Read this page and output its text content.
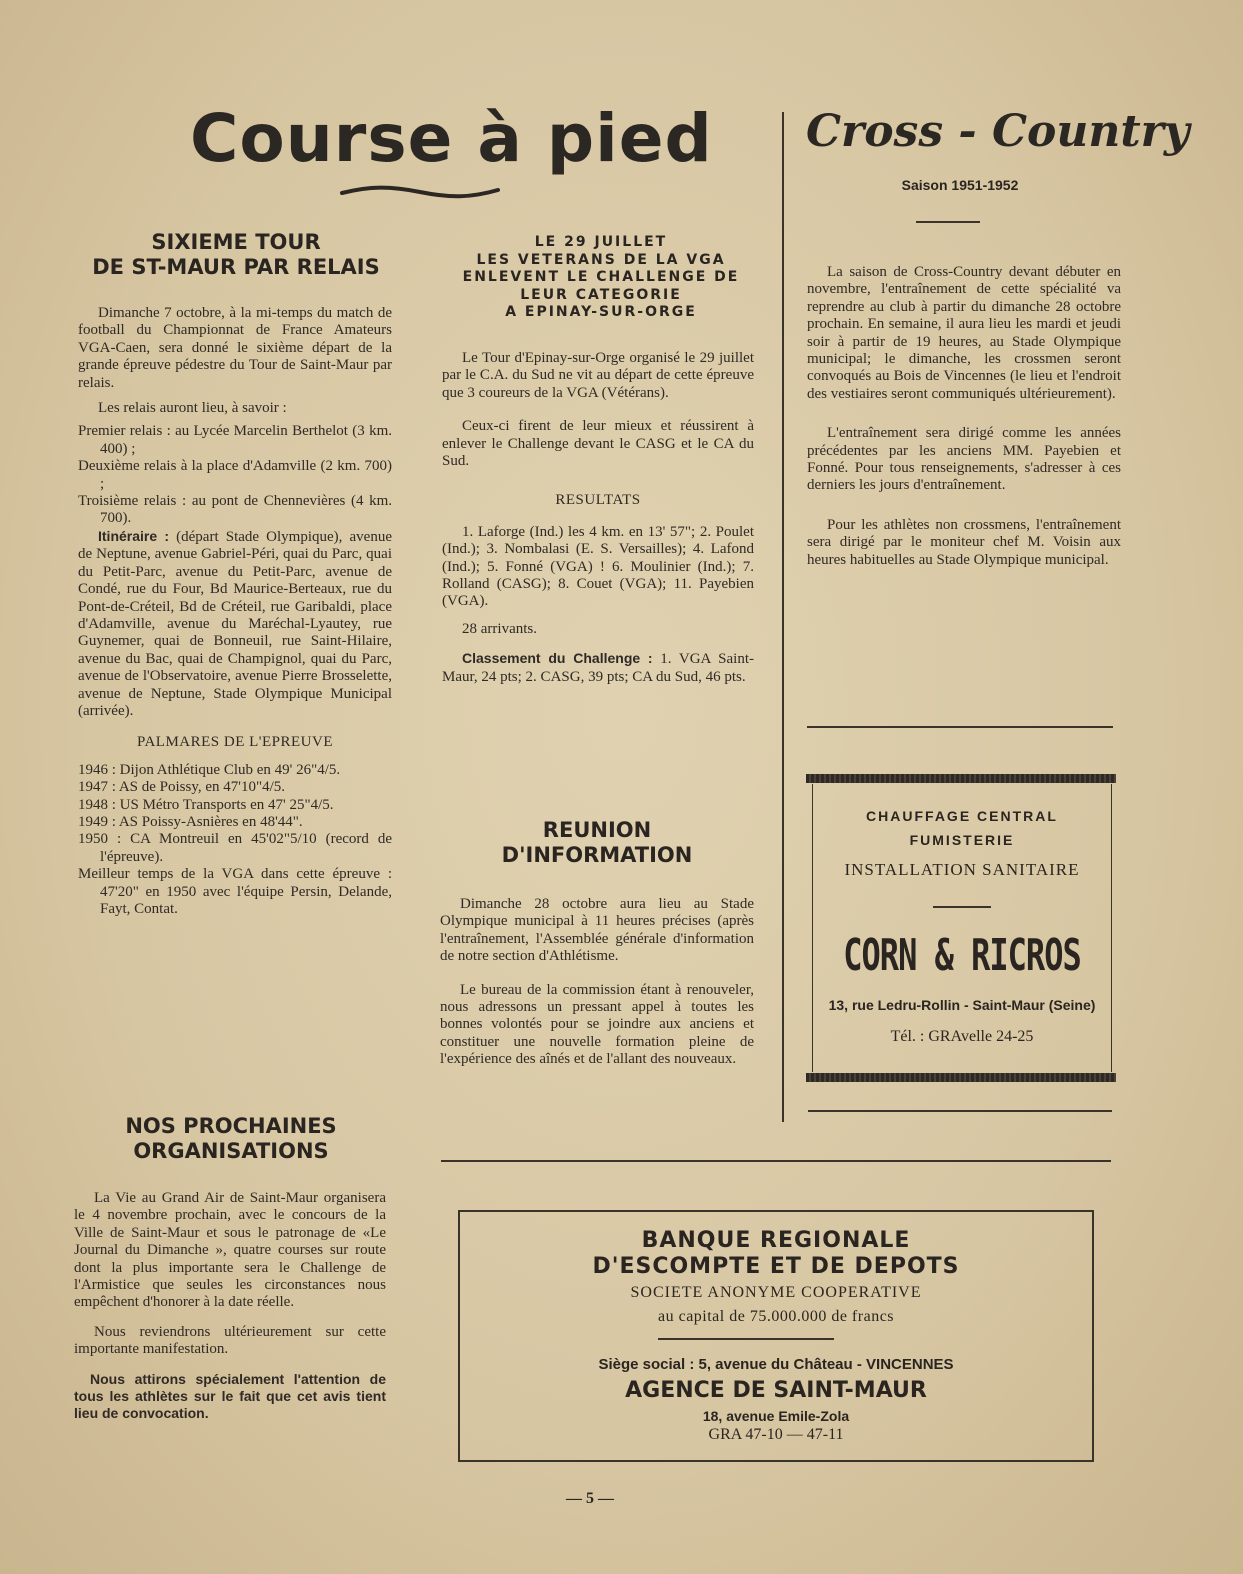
Course à pied Cross - Country
Saison 1951-1952
SIXIEME TOUR
DE ST-MAUR PAR RELAIS

Dimanche 7 octobre, à la mi-temps du match de football du Championnat de France Amateurs VGA-Caen, sera donné le sixième départ de la grande épreuve pédestre du Tour de Saint-Maur par relais.

Les relais auront lieu, à savoir :

Premier relais : au Lycée Marcelin Berthelot (3 km. 400) ;

Deuxième relais à la place d'Adamville (2 km. 700) ;

Troisième relais : au pont de Chennevières (4 km. 700).

Itinéraire : (départ Stade Olympique), avenue de Neptune, avenue Gabriel-Péri, quai du Parc, quai du Petit-Parc, avenue du Petit-Parc, avenue de Condé, rue du Four, Bd Maurice-Berteaux, rue du Pont-de-Créteil, Bd de Créteil, rue Garibaldi, place d'Adamville, avenue du Maréchal-Lyautey, rue Guynemer, quai de Bonneuil, rue Saint-Hilaire, avenue du Bac, quai de Champignol, quai du Parc, avenue de l'Observatoire, avenue Pierre Brosselette, avenue de Neptune, Stade Olympique Municipal (arrivée).

PALMARES DE L'EPREUVE

1946 : Dijon Athlétique Club en 49' 26"4/5.

1947 : AS de Poissy, en 47'10"4/5.

1948 : US Métro Transports en 47' 25"4/5.

1949 : AS Poissy-Asnières en 48'44".

1950 : CA Montreuil en 45'02"5/10 (record de l'épreuve).

Meilleur temps de la VGA dans cette épreuve : 47'20" en 1950 avec l'équipe Persin, Delande, Fayt, Contat.

NOS PROCHAINES
ORGANISATIONS

La Vie au Grand Air de Saint-Maur organisera le 4 novembre prochain, avec le concours de la Ville de Saint-Maur et sous le patronage de «Le Journal du Dimanche », quatre courses sur route dont la plus importante sera le Challenge de l'Armistice que seules les circonstances nous empêchent d'honorer à la date réelle.

Nous reviendrons ultérieurement sur cette importante manifestation.

Nous attirons spécialement l'attention de tous les athlètes sur le fait que cet avis tient lieu de convocation.

LE 29 JUILLET
LES VETERANS DE LA VGA
ENLEVENT LE CHALLENGE DE
LEUR CATEGORIE
A EPINAY-SUR-ORGE

Le Tour d'Epinay-sur-Orge organisé le 29 juillet par le C.A. du Sud ne vit au départ de cette épreuve que 3 coureurs de la VGA (Vétérans).

Ceux-ci firent de leur mieux et réussirent à enlever le Challenge devant le CASG et le CA du Sud.

RESULTATS

1. Laforge (Ind.) les 4 km. en 13' 57"; 2. Poulet (Ind.); 3. Nombalasi (E. S. Versailles); 4. Lafond (Ind.); 5. Fonné (VGA) ! 6. Moulinier (Ind.); 7. Rolland (CASG); 8. Couet (VGA); 11. Payebien (VGA).

28 arrivants.

Classement du Challenge : 1. VGA Saint-Maur, 24 pts; 2. CASG, 39 pts; CA du Sud, 46 pts.

REUNION
D'INFORMATION

Dimanche 28 octobre aura lieu au Stade Olympique municipal à 11 heures précises (après l'entraînement, l'Assemblée générale d'information de notre section d'Athlétisme.

Le bureau de la commission étant à renouveler, nous adressons un pressant appel à toutes les bonnes volontés pour se joindre aux anciens et constituer une nouvelle formation pleine de l'expérience des aînés et de l'allant des nouveaux.

La saison de Cross-Country devant débuter en novembre, l'entraînement de cette spécialité va reprendre au club à partir du dimanche 28 octobre prochain. En semaine, il aura lieu les mardi et jeudi soir à partir de 19 heures, au Stade Olympique municipal; le dimanche, les crossmen seront convoqués au Bois de Vincennes (le lieu et l'endroit des vestiaires seront communiqués ultérieurement).

L'entraînement sera dirigé comme les années précédentes par les anciens MM. Payebien et Fonné. Pour tous renseignements, s'adresser à ces derniers les jours d'entraînement.

Pour les athlètes non crossmens, l'entraînement sera dirigé par le moniteur chef M. Voisin aux heures habituelles au Stade Olympique municipal.

CHAUFFAGE CENTRAL
FUMISTERIE
INSTALLATION SANITAIRE
CORN & RICROS
13, rue Ledru-Rollin - Saint-Maur (Seine)
Tél. : GRAvelle 24-25
BANQUE REGIONALE
D'ESCOMPTE ET DE DEPOTS
SOCIETE ANONYME COOPERATIVE
au capital de 75.000.000 de francs
Siège social : 5, avenue du Château - VINCENNES
AGENCE DE SAINT-MAUR
18, avenue Emile-Zola
GRA 47-10 — 47-11
— 5 —
